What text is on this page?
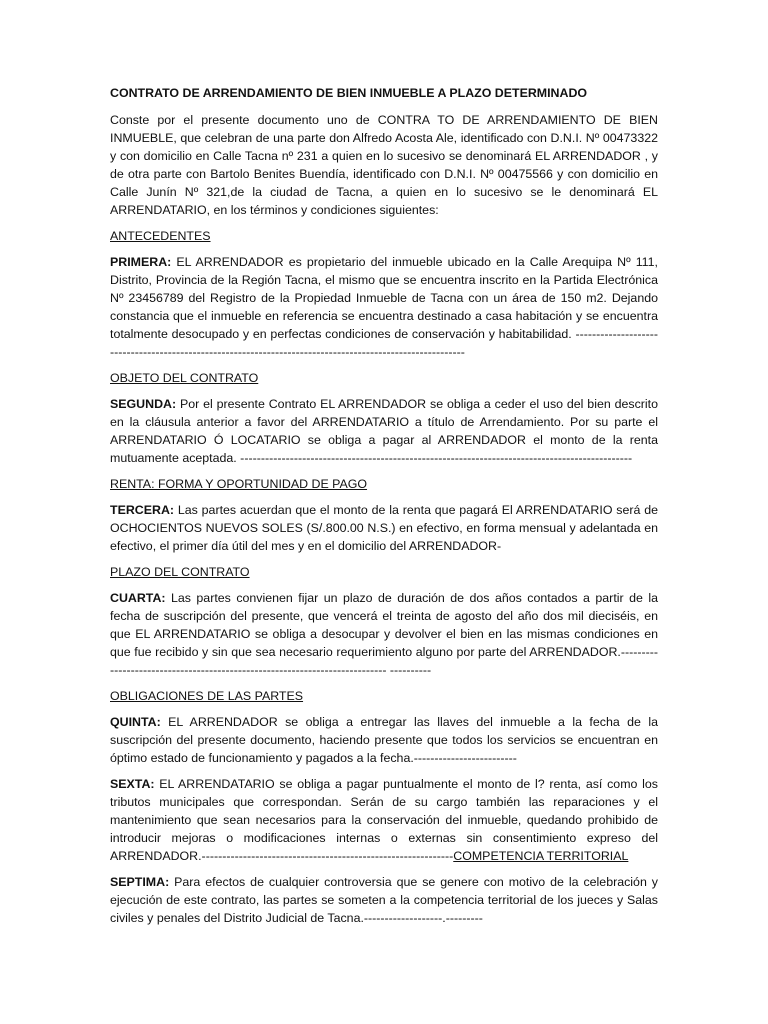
CONTRATO DE ARRENDAMIENTO DE BIEN INMUEBLE A PLAZO DETERMINADO

Conste por el presente documento uno de CONTRA TO DE ARRENDAMIENTO DE BIEN INMUEBLE, que celebran de una parte don Alfredo Acosta Ale, identificado con D.N.I. Nº 00473322 y con domicilio en Calle Tacna nº 231 a quien en lo sucesivo se denominará EL ARRENDADOR , y de otra parte con Bartolo Benites Buendía, identificado con D.N.I. Nº 00475566 y con domicilio en Calle Junín Nº 321,de la ciudad de Tacna, a quien en lo sucesivo se le denominará EL ARRENDATARIO, en los términos y condiciones siguientes:

ANTECEDENTES

PRIMERA: EL ARRENDADOR es propietario del inmueble ubicado en la Calle Arequipa Nº 111, Distrito, Provincia de la Región Tacna, el mismo que se encuentra inscrito en la Partida Electrónica Nº 23456789 del Registro de la Propiedad Inmueble de Tacna con un área de 150 m2. Dejando constancia que el inmueble en referencia se encuentra destinado a casa habitación y se encuentra totalmente desocupado y en perfectas condiciones de conservación y habitabilidad. ----------------------------------------------------------------------------------------------------------

OBJETO DEL CONTRATO

SEGUNDA: Por el presente Contrato EL ARRENDADOR se obliga a ceder el uso del bien descrito en la cláusula anterior a favor del ARRENDATARIO a título de Arrendamiento. Por su parte el ARRENDATARIO Ó LOCATARIO se obliga a pagar al ARRENDADOR el monto de la renta mutuamente aceptada. -----------------------------------------------------------------------------------------------

RENTA: FORMA Y OPORTUNIDAD DE PAGO

TERCERA: Las partes acuerdan que el monto de la renta que pagará El ARRENDATARIO será de OCHOCIENTOS NUEVOS SOLES (S/.800.00 N.S.) en efectivo, en forma mensual y adelantada en efectivo, el primer día útil del mes y en el domicilio del ARRENDADOR-

PLAZO DEL CONTRATO

CUARTA: Las partes convienen fijar un plazo de duración de dos años contados a partir de la fecha de suscripción del presente, que vencerá el treinta de agosto del año dos mil dieciséis, en que EL ARRENDATARIO se obliga a desocupar y devolver el bien en las mismas condiciones en que fue recibido y sin que sea necesario requerimiento alguno por parte del ARRENDADOR.---------------------------------------------------------------------------- ----------

OBLIGACIONES DE LAS PARTES

QUINTA: EL ARRENDADOR se obliga a entregar las llaves del inmueble a la fecha de la suscripción del presente documento, haciendo presente que todos los servicios se encuentran en óptimo estado de funcionamiento y pagados a la fecha.-------------------------

SEXTA: EL ARRENDATARIO se obliga a pagar puntualmente el monto de l? renta, así como los tributos municipales que correspondan. Serán de su cargo también las reparaciones y el mantenimiento que sean necesarios para la conservación del inmueble, quedando prohibido de introducir mejoras o modificaciones internas o externas sin consentimiento expreso del ARRENDADOR.-------------------------------------------------------------COMPETENCIA TERRITORIAL

SEPTIMA: Para efectos de cualquier controversia que se genere con motivo de la celebración y ejecución de este contrato, las partes se someten a la competencia territorial de los jueces y Salas civiles y penales del Distrito Judicial de Tacna.-------------------.---------
